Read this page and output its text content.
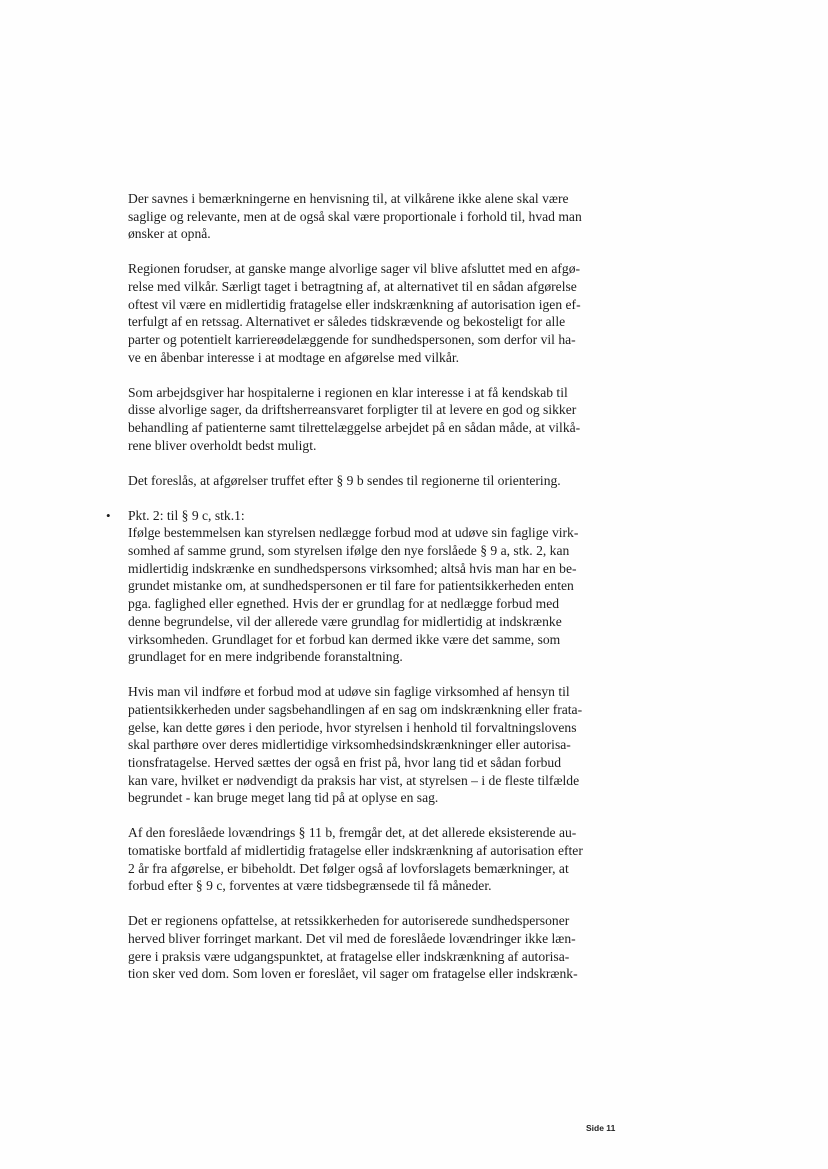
Der savnes i bemærkningerne en henvisning til, at vilkårene ikke alene skal være
saglige og relevante, men at de også skal være proportionale i forhold til, hvad man
ønsker at opnå.
Regionen forudser, at ganske mange alvorlige sager vil blive afsluttet med en afgø-
relse med vilkår. Særligt taget i betragtning af, at alternativet til en sådan afgørelse
oftest vil være en midlertidig fratagelse eller indskrænkning af autorisation igen ef-
terfulgt af en retssag. Alternativet er således tidskrævende og bekosteligt for alle
parter og potentielt karriereødelæggende for sundhedspersonen, som derfor vil ha-
ve en åbenbar interesse i at modtage en afgørelse med vilkår.
Som arbejdsgiver har hospitalerne i regionen en klar interesse i at få kendskab til
disse alvorlige sager, da driftsherreansvaret forpligter til at levere en god og sikker
behandling af patienterne samt tilrettelæggelse arbejdet på en sådan måde, at vilkå-
rene bliver overholdt bedst muligt.
Det foreslås, at afgørelser truffet efter § 9 b sendes til regionerne til orientering.
• Pkt. 2: til § 9 c, stk.1:
Ifølge bestemmelsen kan styrelsen nedlægge forbud mod at udøve sin faglige virk-
somhed af samme grund, som styrelsen ifølge den nye forslåede § 9 a, stk. 2, kan
midlertidig indskrænke en sundhedspersons virksomhed; altså hvis man har en be-
grundet mistanke om, at sundhedspersonen er til fare for patientsikkerheden enten
pga. faglighed eller egnethed. Hvis der er grundlag for at nedlægge forbud med
denne begrundelse, vil der allerede være grundlag for midlertidig at indskrænke
virksomheden. Grundlaget for et forbud kan dermed ikke være det samme, som
grundlaget for en mere indgribende foranstaltning.
Hvis man vil indføre et forbud mod at udøve sin faglige virksomhed af hensyn til
patientsikkerheden under sagsbehandlingen af en sag om indskrænkning eller frata-
gelse, kan dette gøres i den periode, hvor styrelsen i henhold til forvaltningslovens
skal parthøre over deres midlertidige virksomhedsindskrænkninger eller autorisa-
tionsfratagelse. Herved sættes der også en frist på, hvor lang tid et sådan forbud
kan vare, hvilket er nødvendigt da praksis har vist, at styrelsen – i de fleste tilfælde
begrundet - kan bruge meget lang tid på at oplyse en sag.
Af den foreslåede lovændrings § 11 b, fremgår det, at det allerede eksisterende au-
tomatiske bortfald af midlertidig fratagelse eller indskrænkning af autorisation efter
2 år fra afgørelse, er bibeholdt. Det følger også af lovforslagets bemærkninger, at
forbud efter § 9 c, forventes at være tidsbegrænsede til få måneder.
Det er regionens opfattelse, at retssikkerheden for autoriserede sundhedspersoner
herved bliver forringet markant. Det vil med de foreslåede lovændringer ikke læn-
gere i praksis være udgangspunktet, at fratagelse eller indskrænkning af autorisa-
tion sker ved dom. Som loven er foreslået, vil sager om fratagelse eller indskrænk-
Side 11
